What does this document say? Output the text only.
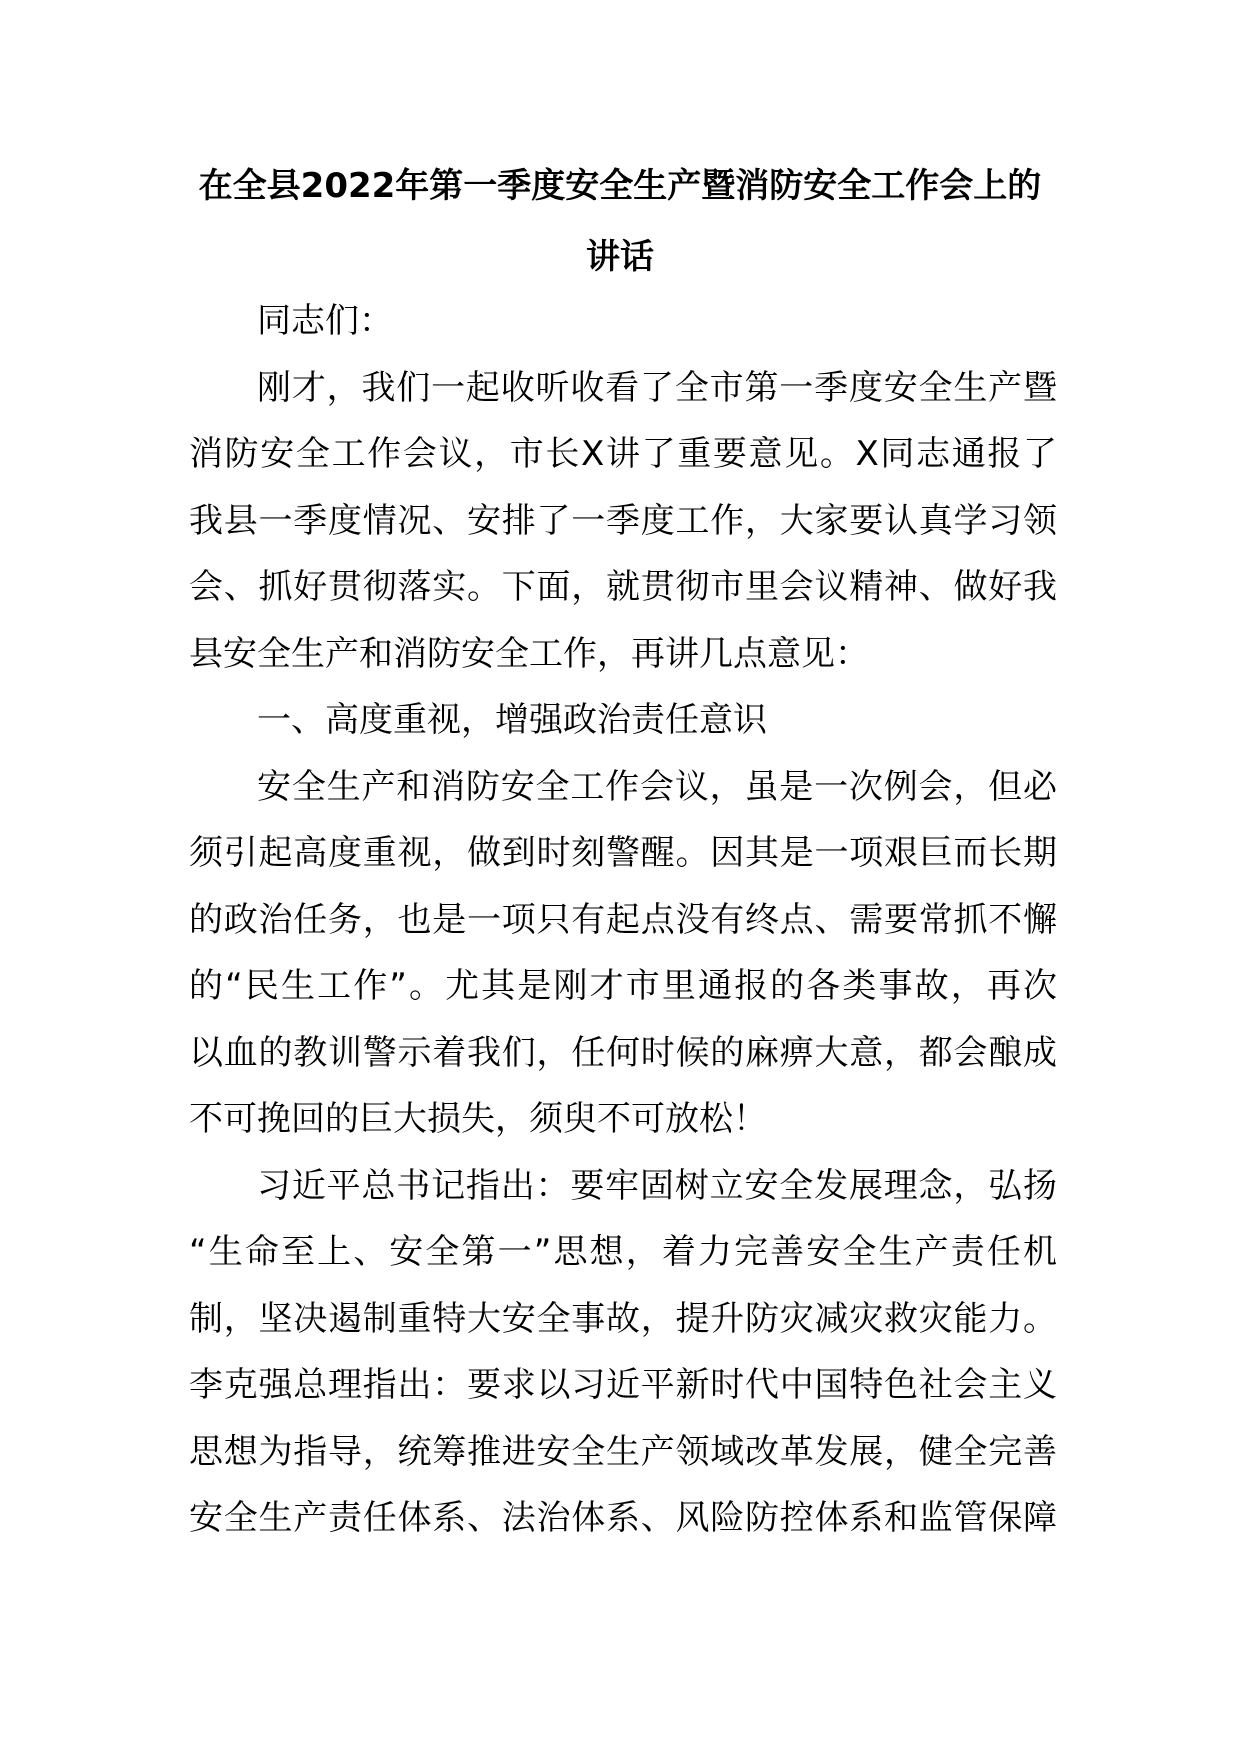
在全县2022年第一季度安全生产暨消防安全工作会上的
讲话
同志们：
刚才，我们一起收听收看了全市第一季度安全生产暨
消防安全工作会议，市长X讲了重要意见。X同志通报了
我县一季度情况、安排了一季度工作，大家要认真学习领
会、抓好贯彻落实。下面，就贯彻市里会议精神、做好我
县安全生产和消防安全工作，再讲几点意见：
一、高度重视，增强政治责任意识
安全生产和消防安全工作会议，虽是一次例会，但必
须引起高度重视，做到时刻警醒。因其是一项艰巨而长期
的政治任务，也是一项只有起点没有终点、需要常抓不懈
的“民生工作”。尤其是刚才市里通报的各类事故，再次
以血的教训警示着我们，任何时候的麻痹大意，都会酿成
不可挽回的巨大损失，须臾不可放松！
习近平总书记指出：要牢固树立安全发展理念，弘扬
“生命至上、安全第一”思想，着力完善安全生产责任机
制，坚决遏制重特大安全事故，提升防灾减灾救灾能力。
李克强总理指出：要求以习近平新时代中国特色社会主义
思想为指导，统筹推进安全生产领域改革发展，健全完善
安全生产责任体系、法治体系、风险防控体系和监管保障
